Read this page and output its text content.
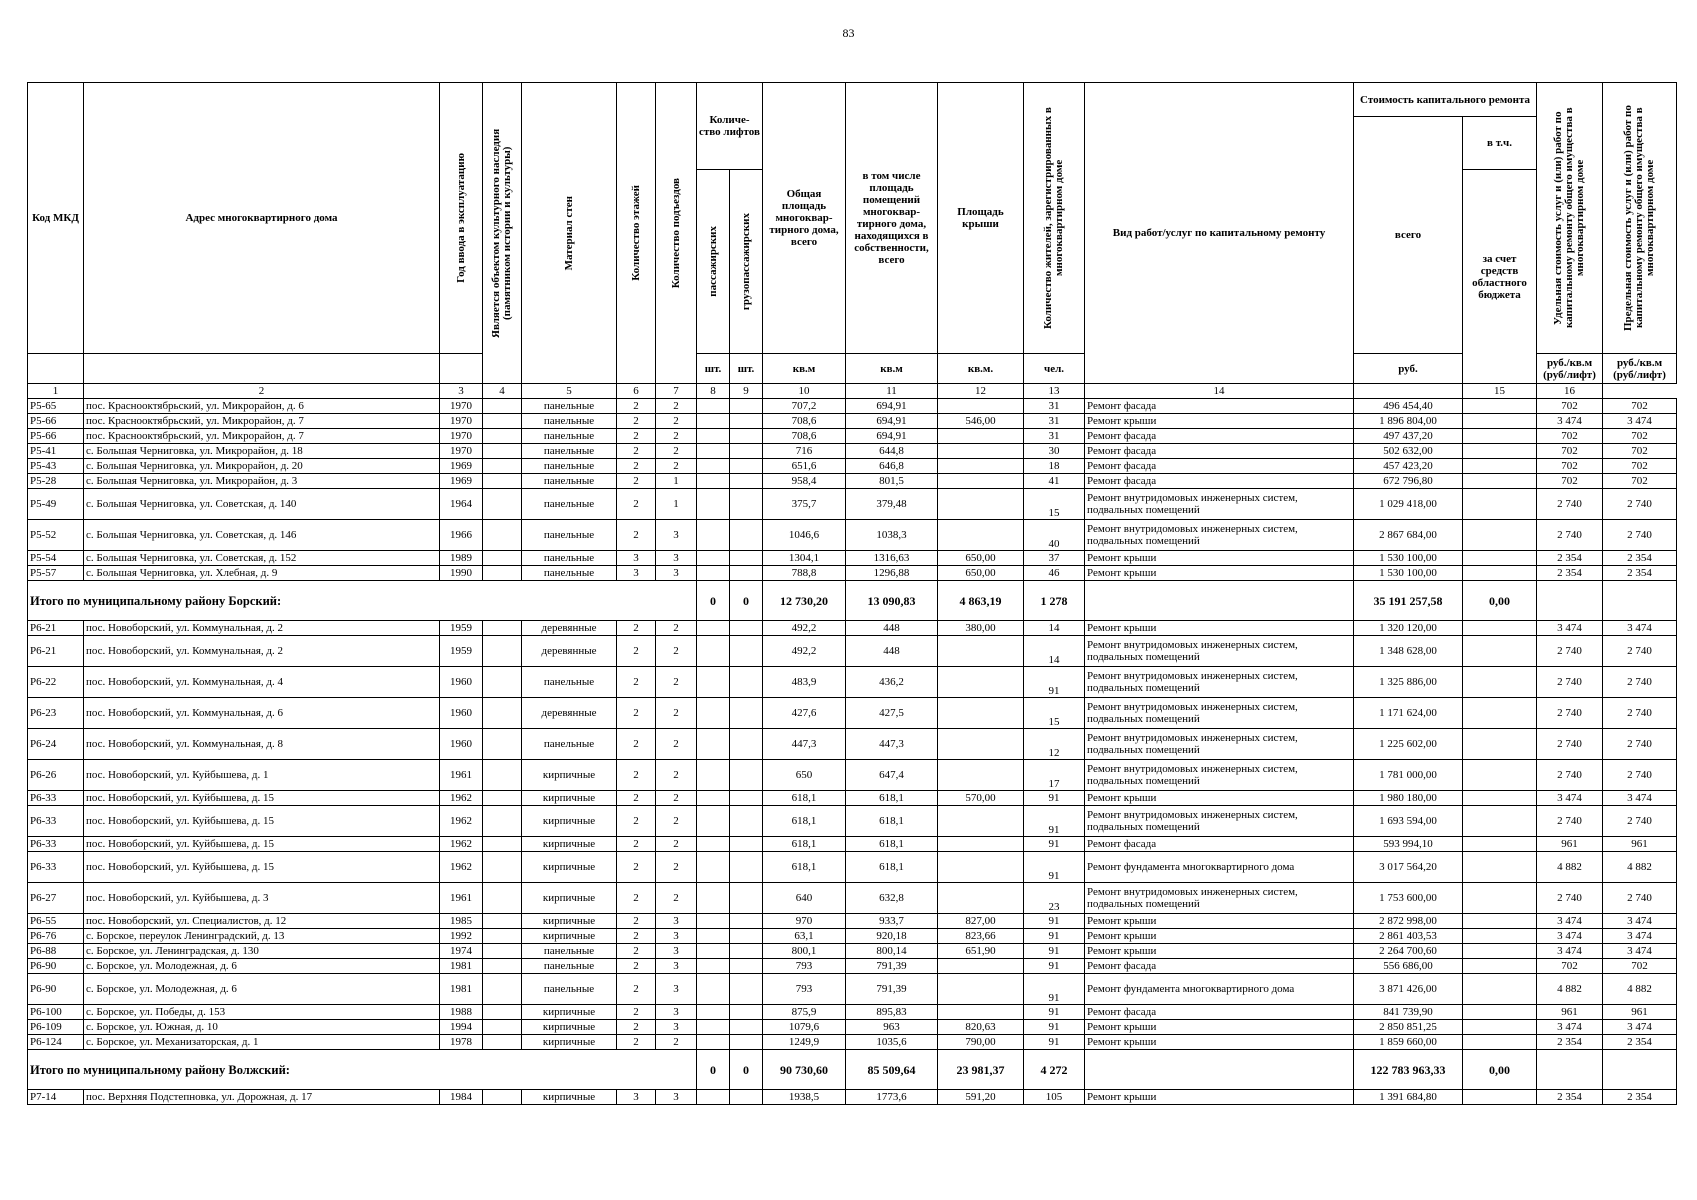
83
Код МКД	Адрес многоквартирного дома	Год ввода в эксплуатацию	Является объектом культурного наследия (памятником истории и культуры)	Материал стен	Количество этажей	Количество подъездов	Количе-ство лифтов		Общая площадь многоквар-тирного дома, всего	в том числе площадь помещений многоквар-тирного дома, находящихся в собственности, всего	Площадь крыши	Количество жителей, зарегистрированных в многоквартирном доме	Вид работ/услуг по капитальному ремонту	Стоимость капитального ремонта		Удельная стоимость услуг и (или) работ по капитальному ремонту общего имущества в многоквартирном доме	Предельная стоимость услуг и (или) работ по капитальному ремонту общего имущества в многоквартирном доме

														всего	в т.ч.		

							пассажирских	грузопассажирских							за счет средств областного бюджета		

							шт.	шт.	кв.м	кв.м	кв.м.	чел.		руб.		руб./кв.м (руб/лифт)	руб./кв.м (руб/лифт)
1	2	3	4	5	6	7	8	9	10	11	12	13	14		15	16	
Р5-65	пос. Краснооктябрьский, ул. Микрорайон, д. 6	1970		панельные	2	2			707,2	694,91		31	Ремонт фасада	496 454,40		702	702
Р5-66	пос. Краснооктябрьский, ул. Микрорайон, д. 7	1970		панельные	2	2			708,6	694,91	546,00	31	Ремонт крыши	1 896 804,00		3 474	3 474
Р5-66	пос. Краснооктябрьский, ул. Микрорайон, д. 7	1970		панельные	2	2			708,6	694,91		31	Ремонт фасада	497 437,20		702	702
Р5-41	с. Большая Черниговка, ул. Микрорайон, д. 18	1970		панельные	2	2			716	644,8		30	Ремонт фасада	502 632,00		702	702
Р5-43	с. Большая Черниговка, ул. Микрорайон, д. 20	1969		панельные	2	2			651,6	646,8		18	Ремонт фасада	457 423,20		702	702
Р5-28	с. Большая Черниговка, ул. Микрорайон, д. 3	1969		панельные	2	1			958,4	801,5		41	Ремонт фасада	672 796,80		702	702
Р5-49	с. Большая Черниговка, ул. Советская, д. 140	1964		панельные	2	1			375,7	379,48		15	Ремонт внутридомовых инженерных систем, подвальных помещений	1 029 418,00		2 740	2 740
Р5-52	с. Большая Черниговка, ул. Советская, д. 146	1966		панельные	2	3			1046,6	1038,3		40	Ремонт внутридомовых инженерных систем, подвальных помещений	2 867 684,00		2 740	2 740
Р5-54	с. Большая Черниговка, ул. Советская, д. 152	1989		панельные	3	3			1304,1	1316,63	650,00	37	Ремонт крыши	1 530 100,00		2 354	2 354
Р5-57	с. Большая Черниговка, ул. Хлебная, д. 9	1990		панельные	3	3			788,8	1296,88	650,00	46	Ремонт крыши	1 530 100,00		2 354	2 354
Итого по муниципальному району Борский:							0	0	12 730,20	13 090,83	4 863,19	1 278		35 191 257,58	0,00		
Р6-21	пос. Новоборский, ул. Коммунальная, д. 2	1959		деревянные	2	2			492,2	448	380,00	14	Ремонт крыши	1 320 120,00		3 474	3 474
Р6-21	пос. Новоборский, ул. Коммунальная, д. 2	1959		деревянные	2	2			492,2	448		14	Ремонт внутридомовых инженерных систем, подвальных помещений	1 348 628,00		2 740	2 740
Р6-22	пос. Новоборский, ул. Коммунальная, д. 4	1960		панельные	2	2			483,9	436,2		91	Ремонт внутридомовых инженерных систем, подвальных помещений	1 325 886,00		2 740	2 740
Р6-23	пос. Новоборский, ул. Коммунальная, д. 6	1960		деревянные	2	2			427,6	427,5		15	Ремонт внутридомовых инженерных систем, подвальных помещений	1 171 624,00		2 740	2 740
Р6-24	пос. Новоборский, ул. Коммунальная, д. 8	1960		панельные	2	2			447,3	447,3		12	Ремонт внутридомовых инженерных систем, подвальных помещений	1 225 602,00		2 740	2 740
Р6-26	пос. Новоборский, ул. Куйбышева, д. 1	1961		кирпичные	2	2			650	647,4		17	Ремонт внутридомовых инженерных систем, подвальных помещений	1 781 000,00		2 740	2 740
Р6-33	пос. Новоборский, ул. Куйбышева, д. 15	1962		кирпичные	2	2			618,1	618,1	570,00	91	Ремонт крыши	1 980 180,00		3 474	3 474
Р6-33	пос. Новоборский, ул. Куйбышева, д. 15	1962		кирпичные	2	2			618,1	618,1		91	Ремонт внутридомовых инженерных систем, подвальных помещений	1 693 594,00		2 740	2 740
Р6-33	пос. Новоборский, ул. Куйбышева, д. 15	1962		кирпичные	2	2			618,1	618,1		91	Ремонт фасада	593 994,10		961	961
Р6-33	пос. Новоборский, ул. Куйбышева, д. 15	1962		кирпичные	2	2			618,1	618,1		91	Ремонт фундамента многоквартирного дома	3 017 564,20		4 882	4 882
Р6-27	пос. Новоборский, ул. Куйбышева, д. 3	1961		кирпичные	2	2			640	632,8		23	Ремонт внутридомовых инженерных систем, подвальных помещений	1 753 600,00		2 740	2 740
Р6-55	пос. Новоборский, ул. Специалистов, д. 12	1985		кирпичные	2	3			970	933,7	827,00	91	Ремонт крыши	2 872 998,00		3 474	3 474
Р6-76	с. Борское, переулок Ленинградский, д. 13	1992		кирпичные	2	3			63,1	920,18	823,66	91	Ремонт крыши	2 861 403,53		3 474	3 474
Р6-88	с. Борское, ул. Ленинградская, д. 130	1974		панельные	2	3			800,1	800,14	651,90	91	Ремонт крыши	2 264 700,60		3 474	3 474
Р6-90	с. Борское, ул. Молодежная, д. 6	1981		панельные	2	3			793	791,39		91	Ремонт фасада	556 686,00		702	702
Р6-90	с. Борское, ул. Молодежная, д. 6	1981		панельные	2	3			793	791,39		91	Ремонт фундамента многоквартирного дома	3 871 426,00		4 882	4 882
Р6-100	с. Борское, ул. Победы, д. 153	1988		кирпичные	2	3			875,9	895,83		91	Ремонт фасада	841 739,90		961	961
Р6-109	с. Борское, ул. Южная, д. 10	1994		кирпичные	2	3			1079,6	963	820,63	91	Ремонт крыши	2 850 851,25		3 474	3 474
Р6-124	с. Борское, ул. Механизаторская, д. 1	1978		кирпичные	2	2			1249,9	1035,6	790,00	91	Ремонт крыши	1 859 660,00		2 354	2 354
Итого по муниципальному району Волжский:							0	0	90 730,60	85 509,64	23 981,37	4 272		122 783 963,33	0,00		
Р7-14	пос. Верхняя Подстепновка, ул. Дорожная, д. 17	1984		кирпичные	3	3			1938,5	1773,6	591,20	105	Ремонт крыши	1 391 684,80		2 354	2 354
